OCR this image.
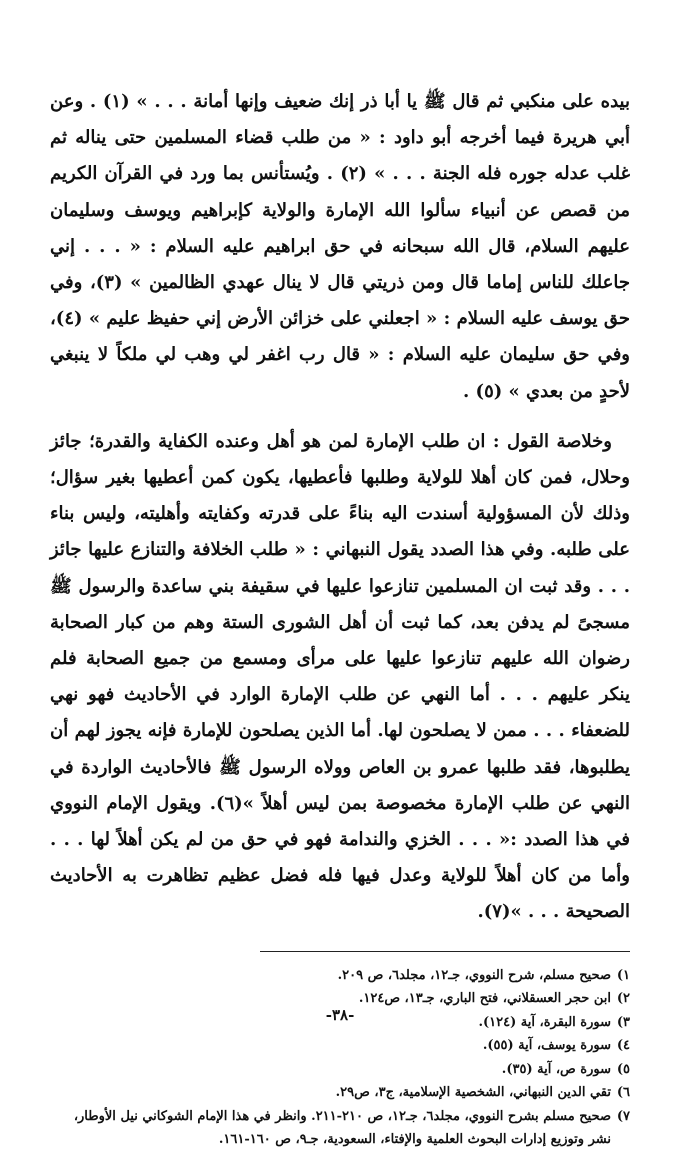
بيده على منكبي ثم قال ﷺ يا أبا ذر إنك ضعيف وإنها أمانة . . . » (١) . وعن أبي هريرة فيما أخرجه أبو داود : « من طلب قضاء المسلمين حتى يناله ثم غلب عدله جوره فله الجنة . . . » (٢) . ويُستأنس بما ورد في القرآن الكريم من قصص عن أنبياء سألوا الله الإمارة والولاية كإبراهيم ويوسف وسليمان عليهم السلام، قال الله سبحانه في حق ابراهيم عليه السلام : « . . . إني جاعلك للناس إماما قال ومن ذريتي قال لا ينال عهدي الظالمين » (٣)، وفي حق يوسف عليه السلام : « اجعلني على خزائن الأرض إني حفيظ عليم » (٤)، وفي حق سليمان عليه السلام : « قال رب اغفر لي وهب لي ملكاً لا ينبغي لأحدٍ من بعدي » (٥) .

وخلاصة القول : ان طلب الإمارة لمن هو أهل وعنده الكفاية والقدرة؛ جائز وحلال، فمن كان أهلا للولاية وطلبها فأعطيها، يكون كمن أعطيها بغير سؤال؛ وذلك لأن المسؤولية أسندت اليه بناءً على قدرته وكفايته وأهليته، وليس بناء على طلبه. وفي هذا الصدد يقول النبهاني : « طلب الخلافة والتنازع عليها جائز . . . وقد ثبت ان المسلمين تنازعوا عليها في سقيفة بني ساعدة والرسول ﷺ مسجىً لم يدفن بعد، كما ثبت أن أهل الشورى الستة وهم من كبار الصحابة رضوان الله عليهم تنازعوا عليها على مرأى ومسمع من جميع الصحابة فلم ينكر عليهم . . . أما النهي عن طلب الإمارة الوارد في الأحاديث فهو نهي للضعفاء . . . ممن لا يصلحون لها. أما الذين يصلحون للإمارة فإنه يجوز لهم أن يطلبوها، فقد طلبها عمرو بن العاص وولاه الرسول ﷺ فالأحاديث الواردة في النهي عن طلب الإمارة مخصوصة بمن ليس أهلاً »(٦). ويقول الإمام النووي في هذا الصدد :« . . . الخزي والندامة فهو في حق من لم يكن أهلاً لها . . . وأما من كان أهلاً للولاية وعدل فيها فله فضل عظيم تظاهرت به الأحاديث الصحيحة . . . »(٧).

١)
صحيح مسلم، شرح النووي، جـ١٢، مجلد٦، ص ٢٠٩.
٢)
ابن حجر العسقلاني، فتح الباري، جـ١٣، ص١٢٤.
٣)
سورة البقرة، آية (١٢٤).
٤)
سورة يوسف، آية (٥٥).
٥)
سورة ص، آية (٣٥).
٦)
تقي الدين النبهاني، الشخصية الإسلامية، ج٣، ص٢٩.
٧)
صحيح مسلم بشرح النووي، مجلد٦، جـ١٢، ص ٢١٠-٢١١. وانظر في هذا الإمام الشوكاني نيل الأوطار، نشر وتوزيع إدارات البحوث العلمية والإفتاء، السعودية، جـ٩، ص ١٦٠-١٦١.
-٣٨-
